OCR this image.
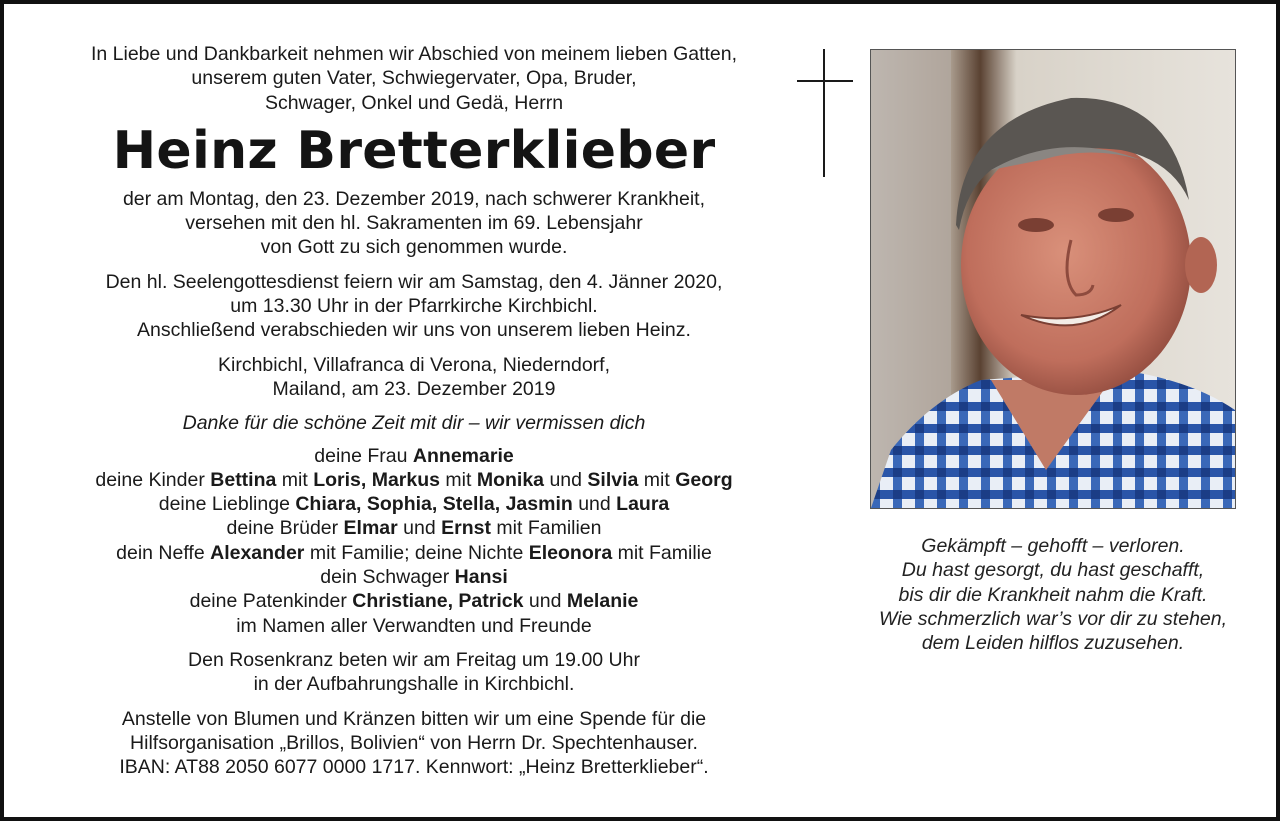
In Liebe und Dankbarkeit nehmen wir Abschied von meinem lieben Gatten,

unserem guten Vater, Schwiegervater, Opa, Bruder,

Schwager, Onkel und Gedä, Herrn

Heinz Bretterklieber

der am Montag, den 23. Dezember 2019, nach schwerer Krankheit,

versehen mit den hl. Sakramenten im 69. Lebensjahr

von Gott zu sich genommen wurde.

Den hl. Seelengottesdienst feiern wir am Samstag, den 4. Jänner 2020,

um 13.30 Uhr in der Pfarrkirche Kirchbichl.

Anschließend verabschieden wir uns von unserem lieben Heinz.

Kirchbichl, Villafranca di Verona, Niederndorf,

Mailand, am 23. Dezember 2019

Danke für die schöne Zeit mit dir – wir vermissen dich

deine Frau Annemarie

deine Kinder Bettina mit Loris, Markus mit Monika und Silvia mit Georg

deine Lieblinge Chiara, Sophia, Stella, Jasmin und Laura

deine Brüder Elmar und Ernst mit Familien

dein Neffe Alexander mit Familie; deine Nichte Eleonora mit Familie

dein Schwager Hansi

deine Patenkinder Christiane, Patrick und Melanie

im Namen aller Verwandten und Freunde

Den Rosenkranz beten wir am Freitag um 19.00 Uhr

in der Aufbahrungshalle in Kirchbichl.

Anstelle von Blumen und Kränzen bitten wir um eine Spende für die

Hilfsorganisation „Brillos, Bolivien“ von Herrn Dr. Spechtenhauser.

IBAN: AT88 2050 6077 0000 1717. Kennwort: „Heinz Bretterklieber“.

Gekämpft – gehofft – verloren.

Du hast gesorgt, du hast geschafft,

bis dir die Krankheit nahm die Kraft.

Wie schmerzlich war’s vor dir zu stehen,

dem Leiden hilflos zuzusehen.
